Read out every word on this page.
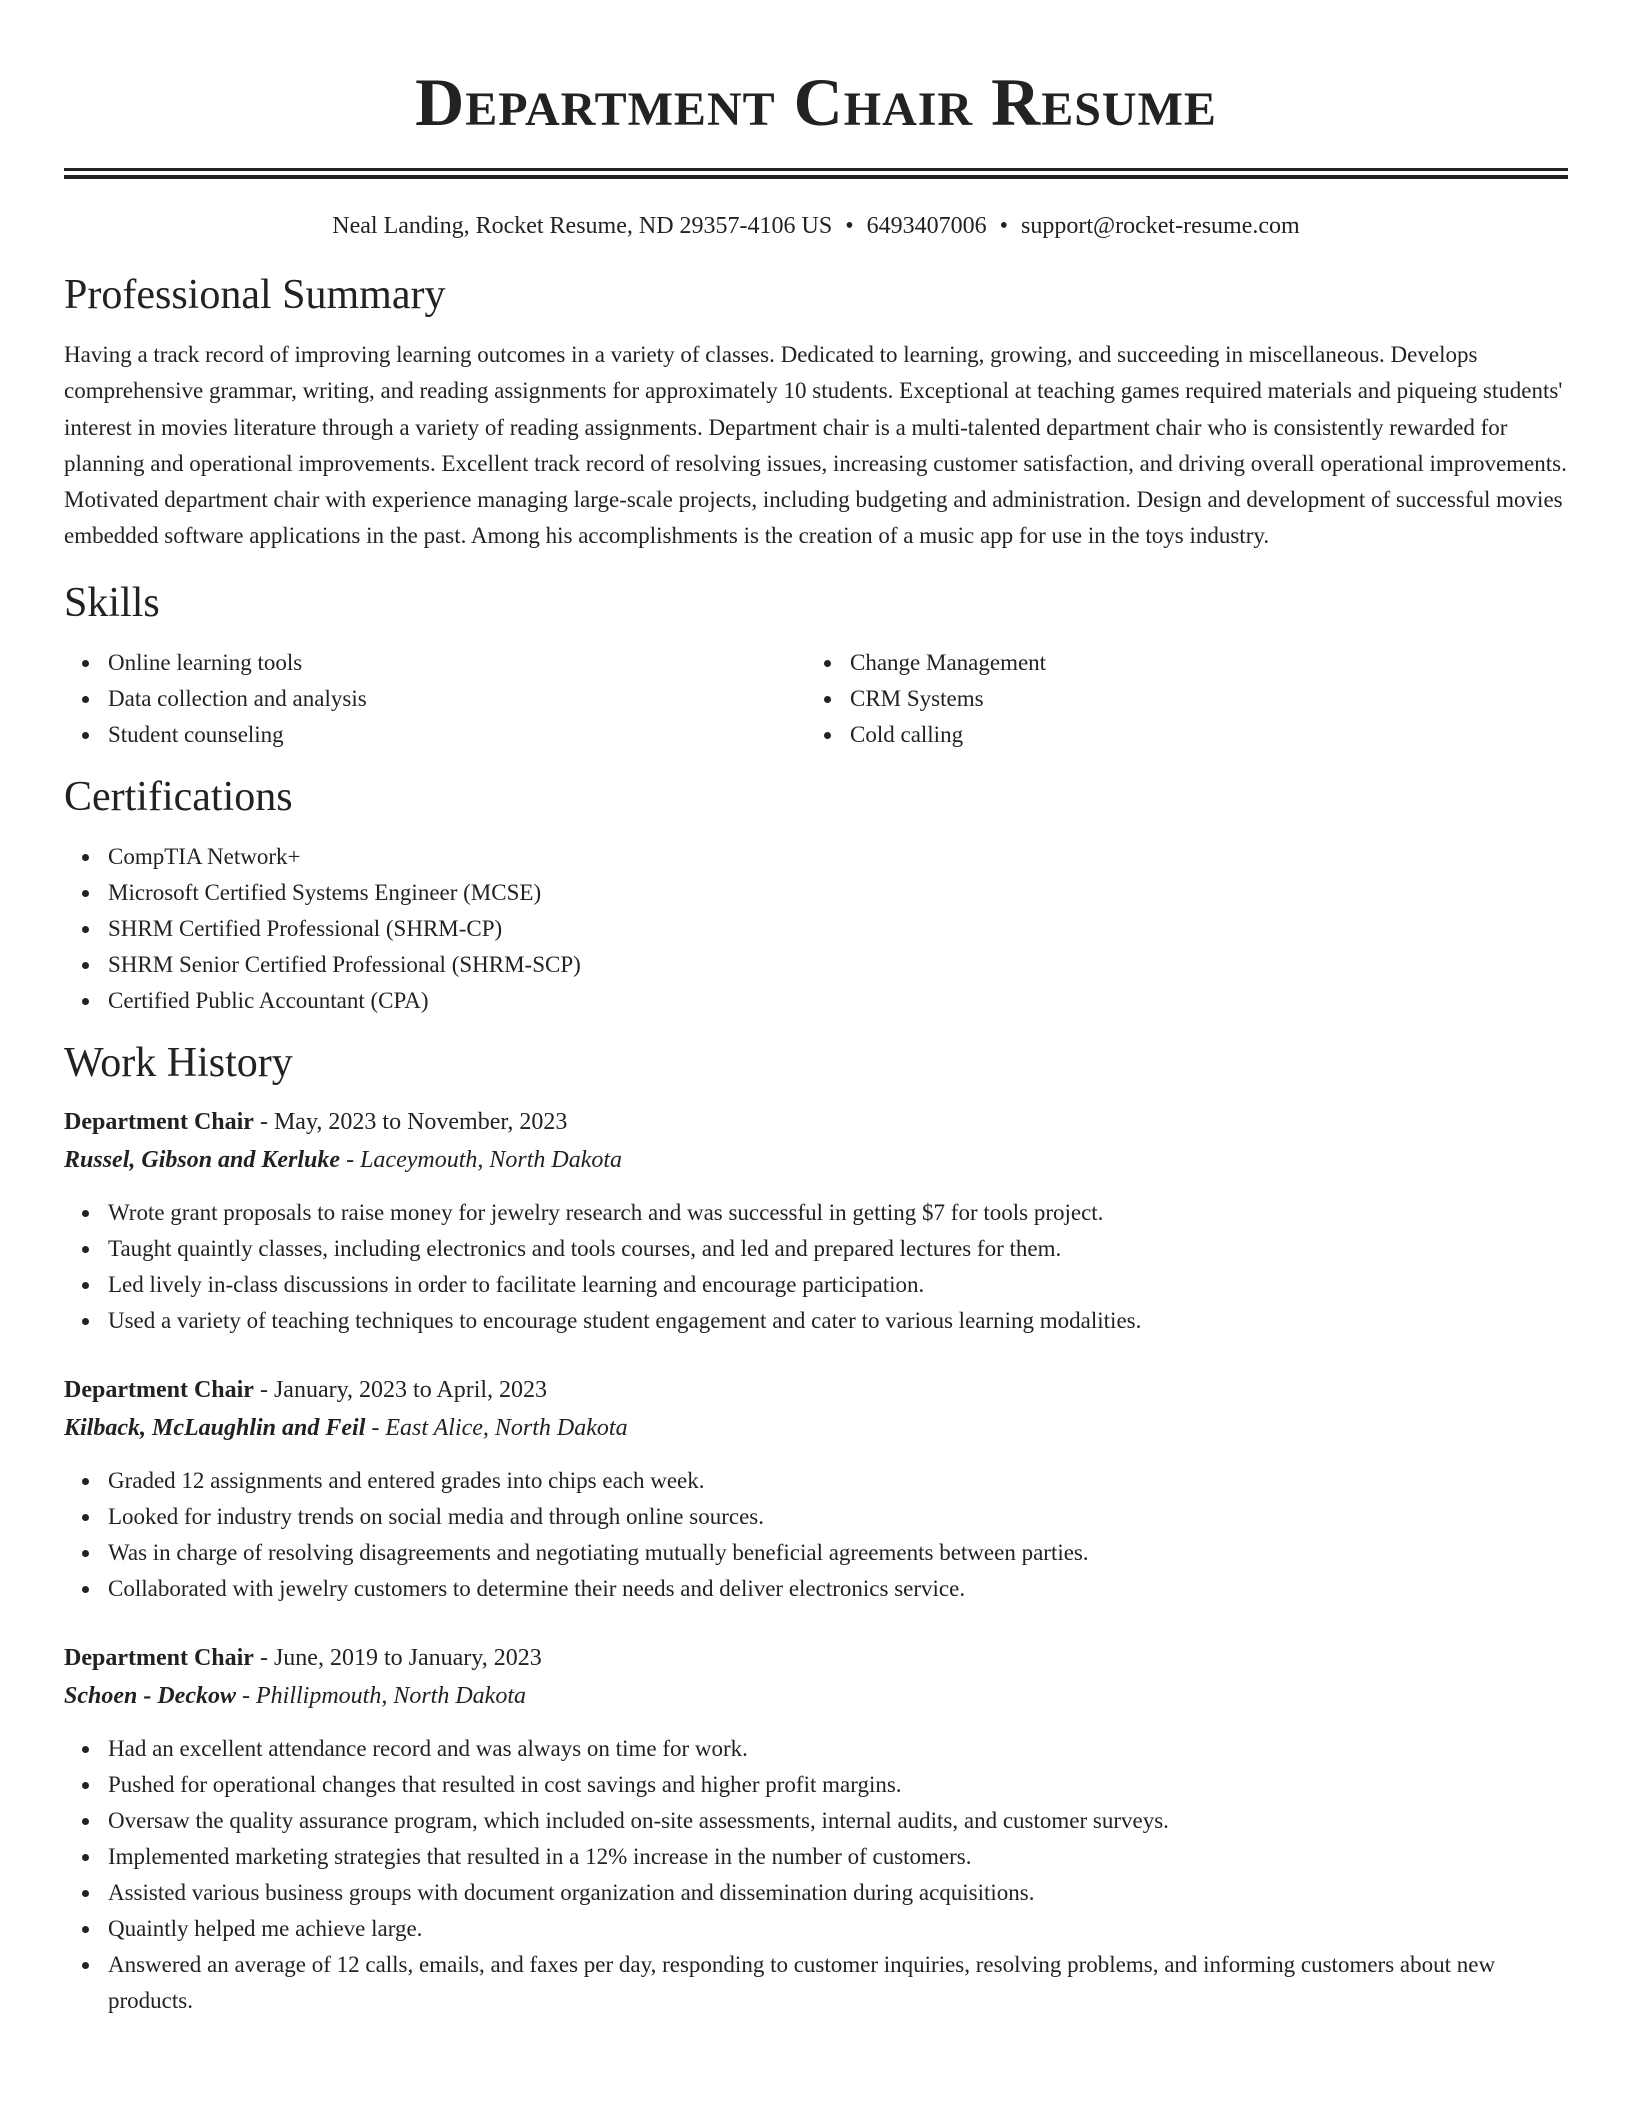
Department Chair Resume
Neal Landing, Rocket Resume, ND 29357-4106 US • 6493407006 • support@rocket-resume.com
Professional Summary

Having a track record of improving learning outcomes in a variety of classes. Dedicated to learning, growing, and succeeding in miscellaneous. Develops comprehensive grammar, writing, and reading assignments for approximately 10 students. Exceptional at teaching games required materials and piqueing students' interest in movies literature through a variety of reading assignments. Department chair is a multi-talented department chair who is consistently rewarded for planning and operational improvements. Excellent track record of resolving issues, increasing customer satisfaction, and driving overall operational improvements. Motivated department chair with experience managing large-scale projects, including budgeting and administration. Design and development of successful movies embedded software applications in the past. Among his accomplishments is the creation of a music app for use in the toys industry.

Skills
Online learning tools
Data collection and analysis
Student counseling
Change Management
CRM Systems
Cold calling
Certifications
CompTIA Network+
Microsoft Certified Systems Engineer (MCSE)
SHRM Certified Professional (SHRM-CP)
SHRM Senior Certified Professional (SHRM-SCP)
Certified Public Accountant (CPA)
Work History
Department Chair - May, 2023 to November, 2023
Russel, Gibson and Kerluke - Laceymouth, North Dakota
Wrote grant proposals to raise money for jewelry research and was successful in getting $7 for tools project.
Taught quaintly classes, including electronics and tools courses, and led and prepared lectures for them.
Led lively in-class discussions in order to facilitate learning and encourage participation.
Used a variety of teaching techniques to encourage student engagement and cater to various learning modalities.
Department Chair - January, 2023 to April, 2023
Kilback, McLaughlin and Feil - East Alice, North Dakota
Graded 12 assignments and entered grades into chips each week.
Looked for industry trends on social media and through online sources.
Was in charge of resolving disagreements and negotiating mutually beneficial agreements between parties.
Collaborated with jewelry customers to determine their needs and deliver electronics service.
Department Chair - June, 2019 to January, 2023
Schoen - Deckow - Phillipmouth, North Dakota
Had an excellent attendance record and was always on time for work.
Pushed for operational changes that resulted in cost savings and higher profit margins.
Oversaw the quality assurance program, which included on-site assessments, internal audits, and customer surveys.
Implemented marketing strategies that resulted in a 12% increase in the number of customers.
Assisted various business groups with document organization and dissemination during acquisitions.
Quaintly helped me achieve large.
Answered an average of 12 calls, emails, and faxes per day, responding to customer inquiries, resolving problems, and informing customers about new products.
